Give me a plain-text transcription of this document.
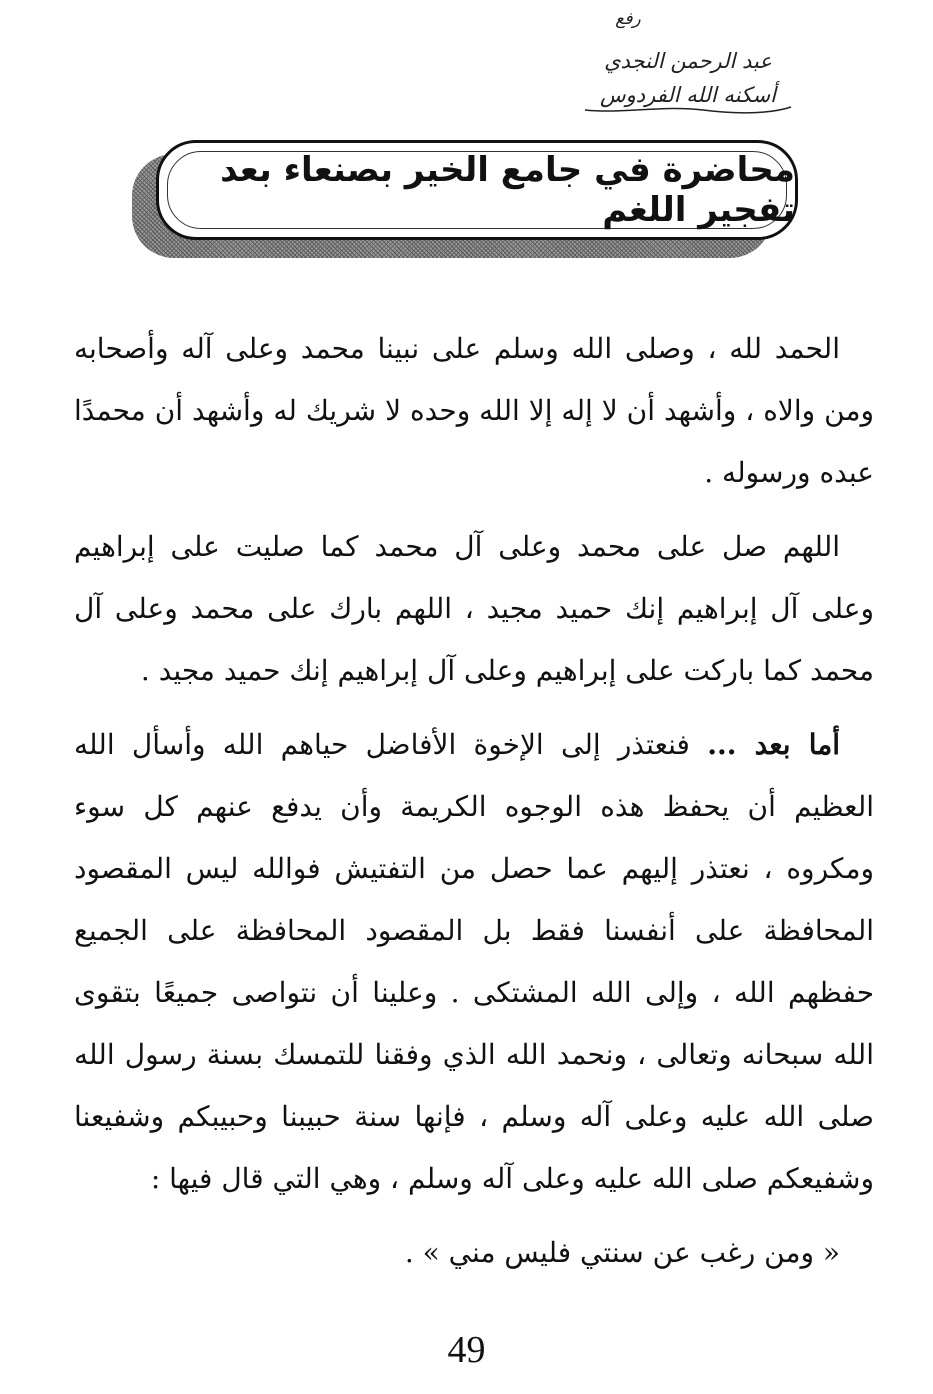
رفع
عبد الرحمن النجدي
أسكنه الله الفردوس
محاضرة في جامع الخير بصنعاء بعد تفجير اللغم

الحمد لله ، وصلى الله وسلم على نبينا محمد وعلى آله وأصحابه ومن والاه ، وأشهد أن لا إله إلا الله وحده لا شريك له وأشهد أن محمدًا عبده ورسوله .

اللهم صل على محمد وعلى آل محمد كما صليت على إبراهيم وعلى آل إبراهيم إنك حميد مجيد ، اللهم بارك على محمد وعلى آل محمد كما باركت على إبراهيم وعلى آل إبراهيم إنك حميد مجيد .

أما بعد ... فنعتذر إلى الإخوة الأفاضل حياهم الله وأسأل الله العظيم أن يحفظ هذه الوجوه الكريمة وأن يدفع عنهم كل سوء ومكروه ، نعتذر إليهم عما حصل من التفتيش فوالله ليس المقصود المحافظة على أنفسنا فقط بل المقصود المحافظة على الجميع حفظهم الله ، وإلى الله المشتكى . وعلينا أن نتواصى جميعًا بتقوى الله سبحانه وتعالى ، ونحمد الله الذي وفقنا للتمسك بسنة رسول الله صلى الله عليه وعلى آله وسلم ، فإنها سنة حبيبنا وحبيبكم وشفيعنا وشفيعكم صلى الله عليه وعلى آله وسلم ، وهي التي قال فيها :

« ومن رغب عن سنتي فليس مني » .

49
